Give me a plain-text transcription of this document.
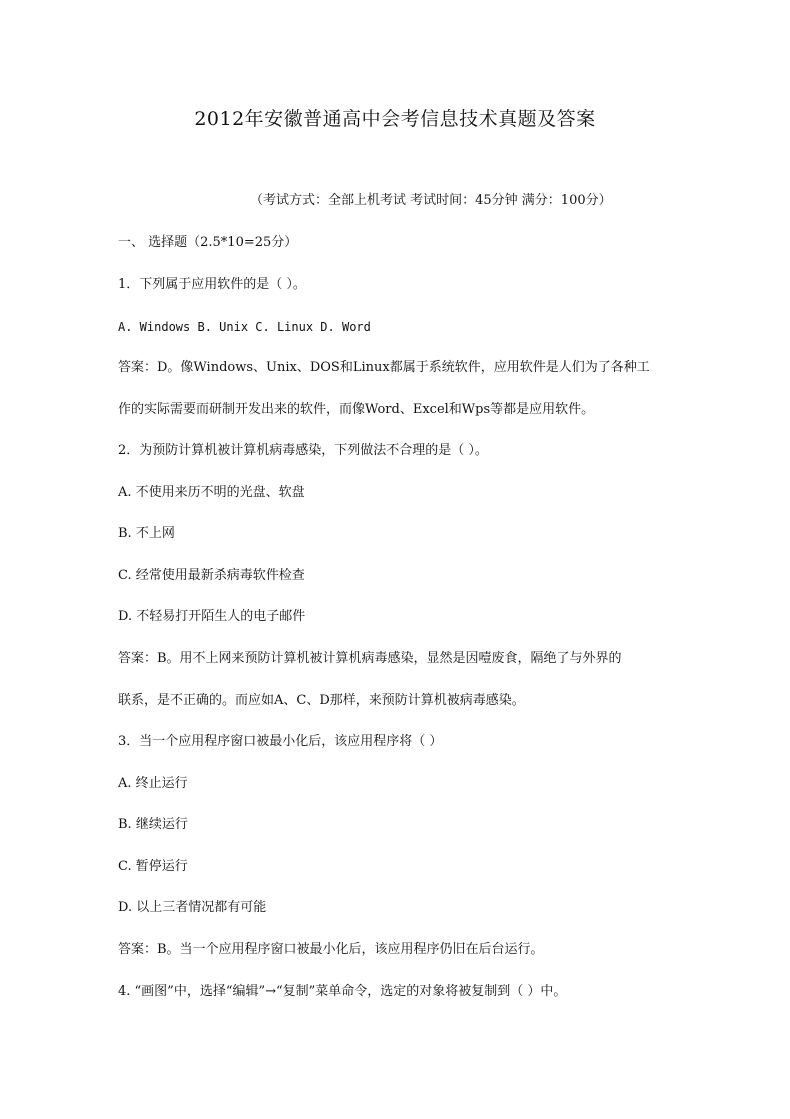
2012年安徽普通高中会考信息技术真题及答案
（考试方式：全部上机考试 考试时间：45分钟 满分：100分）
一、 选择题（2.5*10=25分）
1．下列属于应用软件的是（ ）。
A. Windows B. Unix C. Linux D. Word
答案：D。像Windows、Unix、DOS和Linux都属于系统软件，应用软件是人们为了各种工
作的实际需要而研制开发出来的软件，而像Word、Excel和Wps等都是应用软件。
2．为预防计算机被计算机病毒感染，下列做法不合理的是（ ）。
A. 不使用来历不明的光盘、软盘
B. 不上网
C. 经常使用最新杀病毒软件检查
D. 不轻易打开陌生人的电子邮件
答案：B。用不上网来预防计算机被计算机病毒感染，显然是因噎废食，隔绝了与外界的
联系，是不正确的。而应如A、C、D那样，来预防计算机被病毒感染。
3．当一个应用程序窗口被最小化后，该应用程序将（ ）
A. 终止运行
B. 继续运行
C. 暂停运行
D. 以上三者情况都有可能
答案：B。当一个应用程序窗口被最小化后，该应用程序仍旧在后台运行。
4. “画图”中，选择“编辑”→“复制”菜单命令，选定的对象将被复制到（ ）中。
